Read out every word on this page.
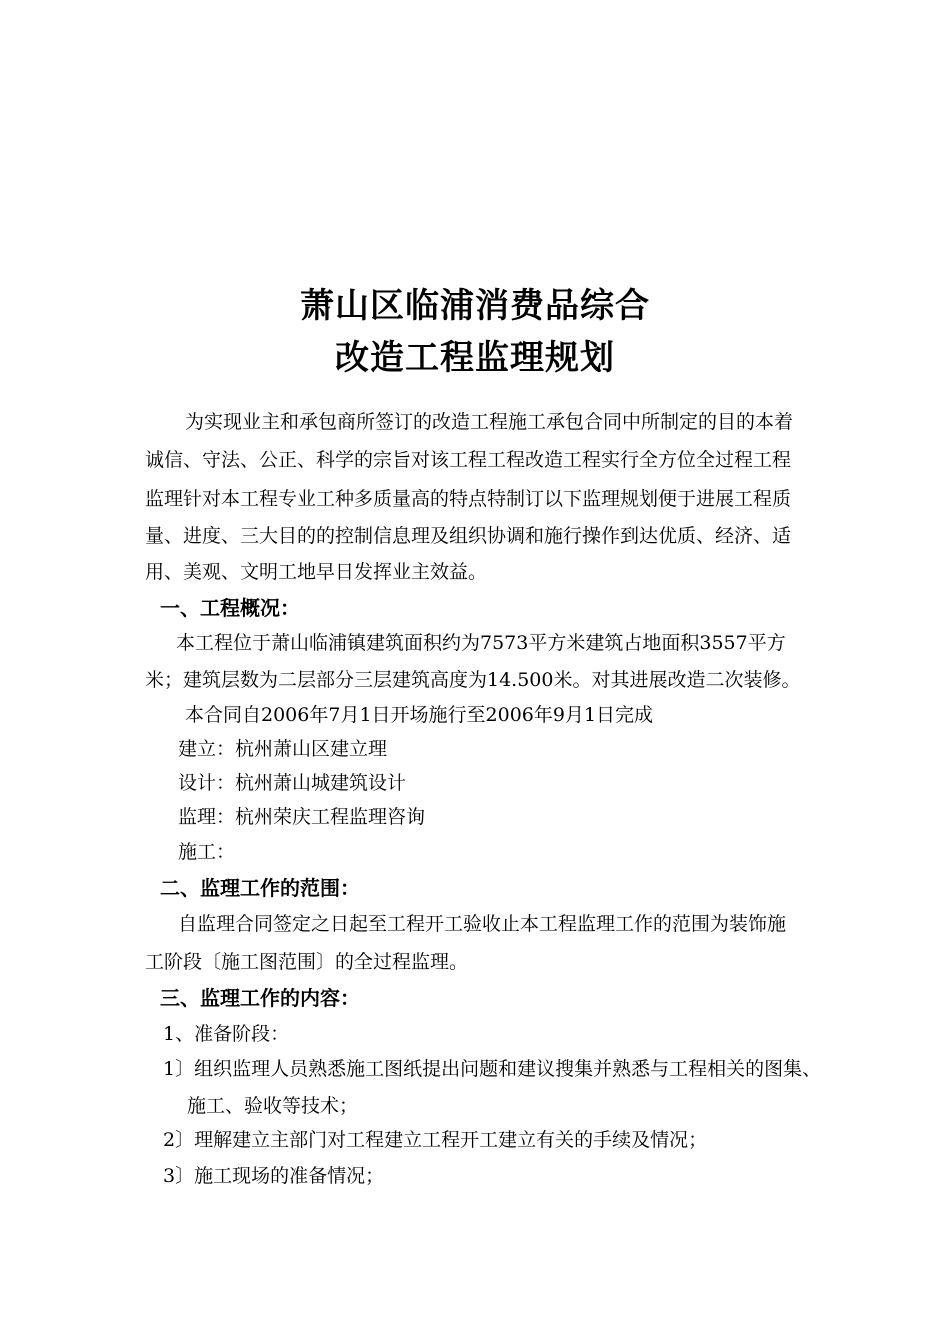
萧山区临浦消费品综合
改造工程监理规划

为实现业主和承包商所签订的改造工程施工承包合同中所制定的目的本着

诚信、守法、公正、科学的宗旨对该工程工程改造工程实行全方位全过程工程

监理针对本工程专业工种多质量高的特点特制订以下监理规划便于进展工程质

量、进度、三大目的的控制信息理及组织协调和施行操作到达优质、经济、适

用、美观、文明工地早日发挥业主效益。

一、工程概况：

本工程位于萧山临浦镇建筑面积约为7573平方米建筑占地面积3557平方

米；建筑层数为二层部分三层建筑高度为14.500米。对其进展改造二次装修。

本合同自2006年7月1日开场施行至2006年9月1日完成

建立：杭州萧山区建立理

设计：杭州萧山城建筑设计

监理：杭州荣庆工程监理咨询

施工：

二、监理工作的范围：

自监理合同签定之日起至工程开工验收止本工程监理工作的范围为装饰施

工阶段〔施工图范围〕的全过程监理。

三、监理工作的内容：

1、准备阶段：

1〕组织监理人员熟悉施工图纸提出问题和建议搜集并熟悉与工程相关的图集、

施工、验收等技术；

2〕理解建立主部门对工程建立工程开工建立有关的手续及情况；

3〕施工现场的准备情况；
